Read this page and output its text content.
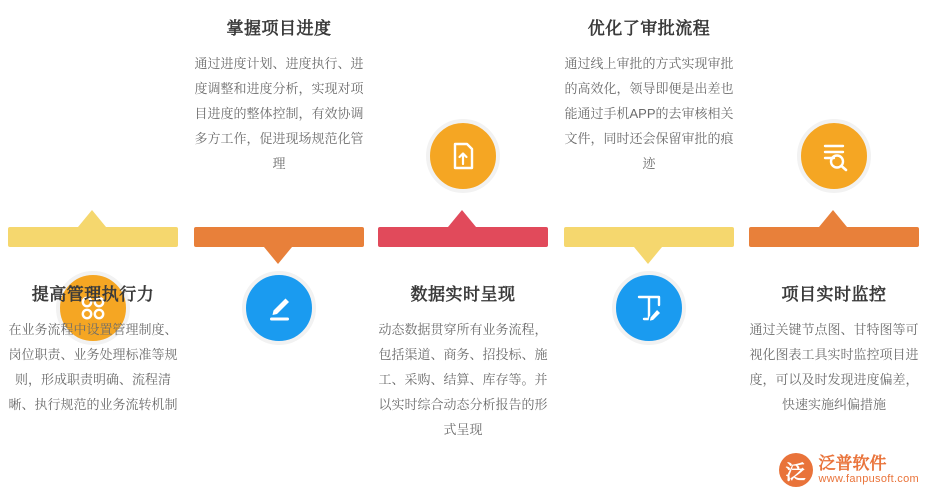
提高管理执行力
在业务流程中设置管理制度、岗位职责、业务处理标准等规则，形成职责明确、流程清晰、执行规范的业务流转机制
掌握项目进度
通过进度计划、进度执行、进度调整和进度分析，实现对项目进度的整体控制，有效协调多方工作，促进现场规范化管理
数据实时呈现
动态数据贯穿所有业务流程，包括渠道、商务、招投标、施工、采购、结算、库存等。并以实时综合动态分析报告的形式呈现
优化了审批流程
通过线上审批的方式实现审批的高效化，领导即便是出差也能通过手机APP的去审核相关文件，同时还会保留审批的痕迹
项目实时监控
通过关键节点图、甘特图等可视化图表工具实时监控项目进度，可以及时发现进度偏差，快速实施纠偏措施
泛 泛普软件
www.fanpusoft.com
